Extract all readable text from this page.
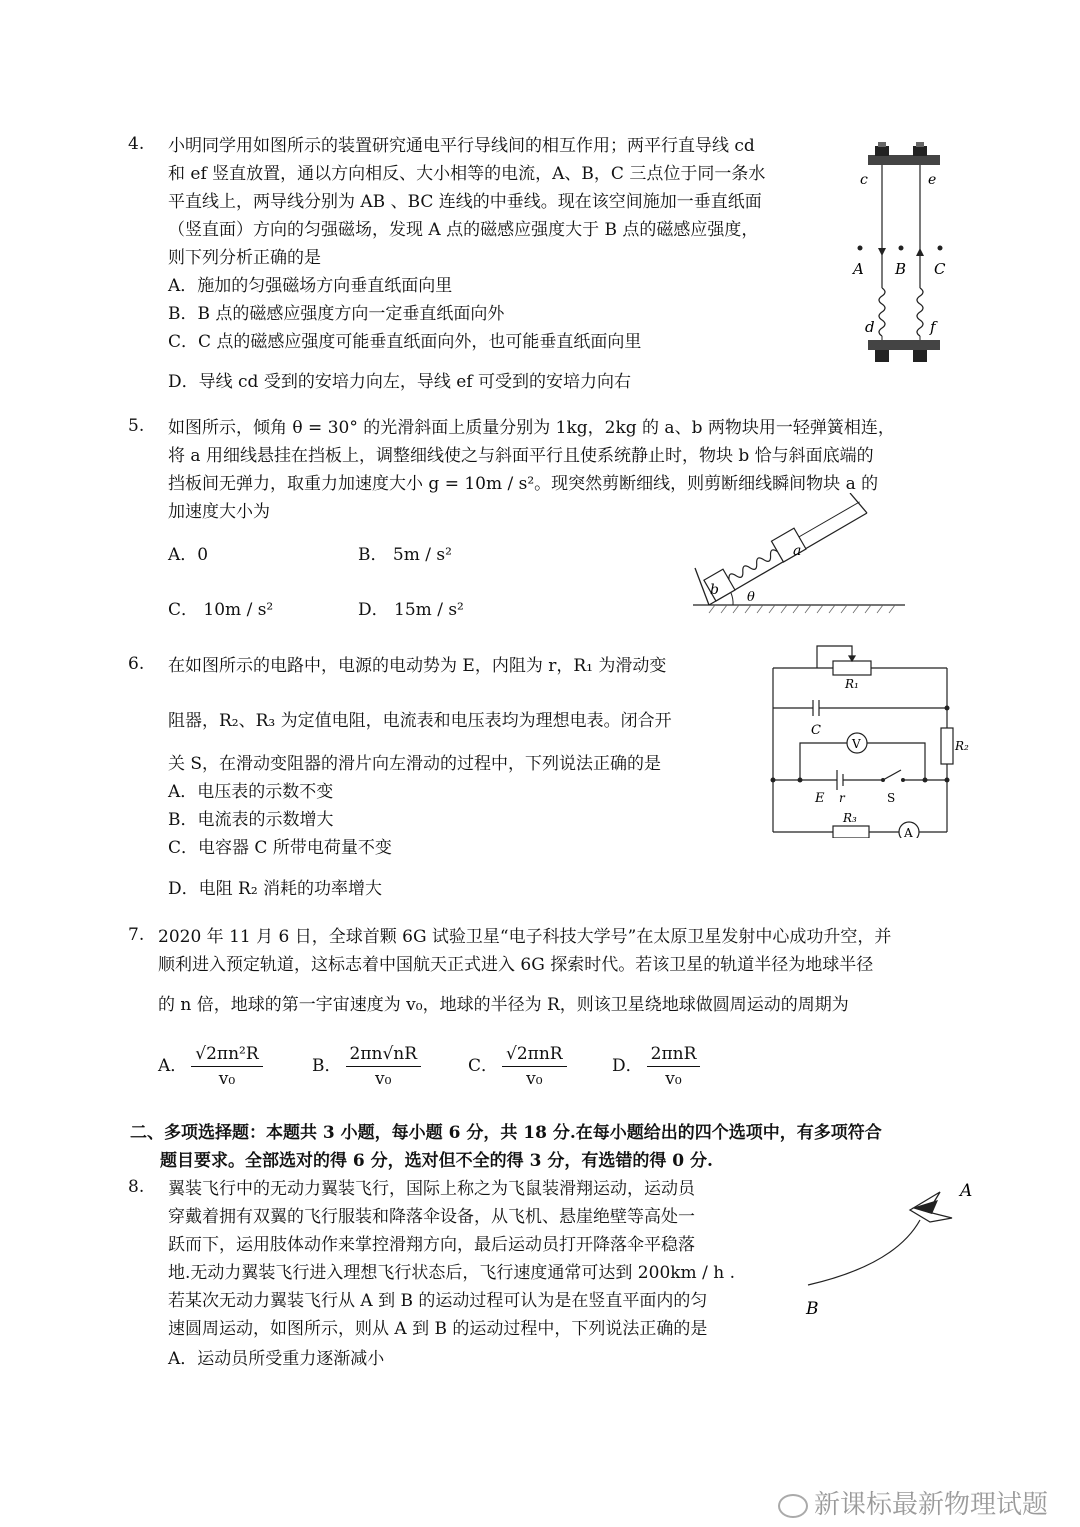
4. 小明同学用如图所示的装置研究通电平行导线间的相互作用；两平行直导线 cd
和 ef 竖直放置，通以方向相反、大小相等的电流，A、B，C 三点位于同一条水
平直线上，两导线分别为 AB 、BC 连线的中垂线。现在该空间施加一垂直纸面
（竖直面）方向的匀强磁场，发现 A 点的磁感应强度大于 B 点的磁感应强度，
则下列分析正确的是
A．施加的匀强磁场方向垂直纸面向里
B．B 点的磁感应强度方向一定垂直纸面向外
C．C 点的磁感应强度可能垂直纸面向外，也可能垂直纸面向里
D．导线 cd 受到的安培力向左，导线 ef 可受到的安培力向右
c	e
A B C
d	f
5. 如图所示，倾角 θ = 30° 的光滑斜面上质量分别为 1kg，2kg 的 a、b 两物块用一轻弹簧相连，
将 a 用细线悬挂在挡板上，调整细线使之与斜面平行且使系统静止时，物块 b 恰与斜面底端的
挡板间无弹力，取重力加速度大小 g = 10m / s²。现突然剪断细线，则剪断细线瞬间物块 a 的
加速度大小为
A．0	B． 5m / s²
C． 10m / s²	D． 15m / s²
b
a
θ
6. 在如图所示的电路中，电源的电动势为 E，内阻为 r，R₁ 为滑动变
阻器，R₂、R₃ 为定值电阻，电流表和电压表均为理想电表。闭合开
关 S，在滑动变阻器的滑片向左滑动的过程中，下列说法正确的是
A．电压表的示数不变
B．电流表的示数增大
C．电容器 C 所带电荷量不变
D．电阻 R₂ 消耗的功率增大
R₁
R₂
R₃
C
V
E r	S
A
7. 2020 年 11 月 6 日，全球首颗 6G 试验卫星“电子科技大学号”在太原卫星发射中心成功升空，并
顺利进入预定轨道，这标志着中国航天正式进入 6G 探索时代。若该卫星的轨道半径为地球半径
的 n 倍，地球的第一宇宙速度为 v₀，地球的半径为 R，则该卫星绕地球做圆周运动的周期为
A． $\frac{\text{√2πn²R}}{\text{v₀}}$	B． $\frac{2\pi n√nR}{\text{v₀}}$	C． $\frac{\text{√2πnR}}{\text{v₀}}$	D． $\frac{\text{2πnR}}{\text{v₀}}$
二、多项选择题：本题共 3 小题，每小题 6 分，共 18 分.在每小题给出的四个选项中，有多项符合
题目要求。全部选对的得 6 分，选对但不全的得 3 分，有选错的得 0 分.
8. 翼装飞行中的无动力翼装飞行，国际上称之为飞鼠装滑翔运动，运动员
穿戴着拥有双翼的飞行服装和降落伞设备，从飞机、悬崖绝壁等高处一
跃而下，运用肢体动作来掌控滑翔方向，最后运动员打开降落伞平稳落
地.无动力翼装飞行进入理想飞行状态后，飞行速度通常可达到 200km / h .
若某次无动力翼装飞行从 A 到 B 的运动过程可认为是在竖直平面内的匀
速圆周运动，如图所示，则从 A 到 B 的运动过程中，下列说法正确的是
A．运动员所受重力逐渐减小
A
B
新课标最新物理试题
